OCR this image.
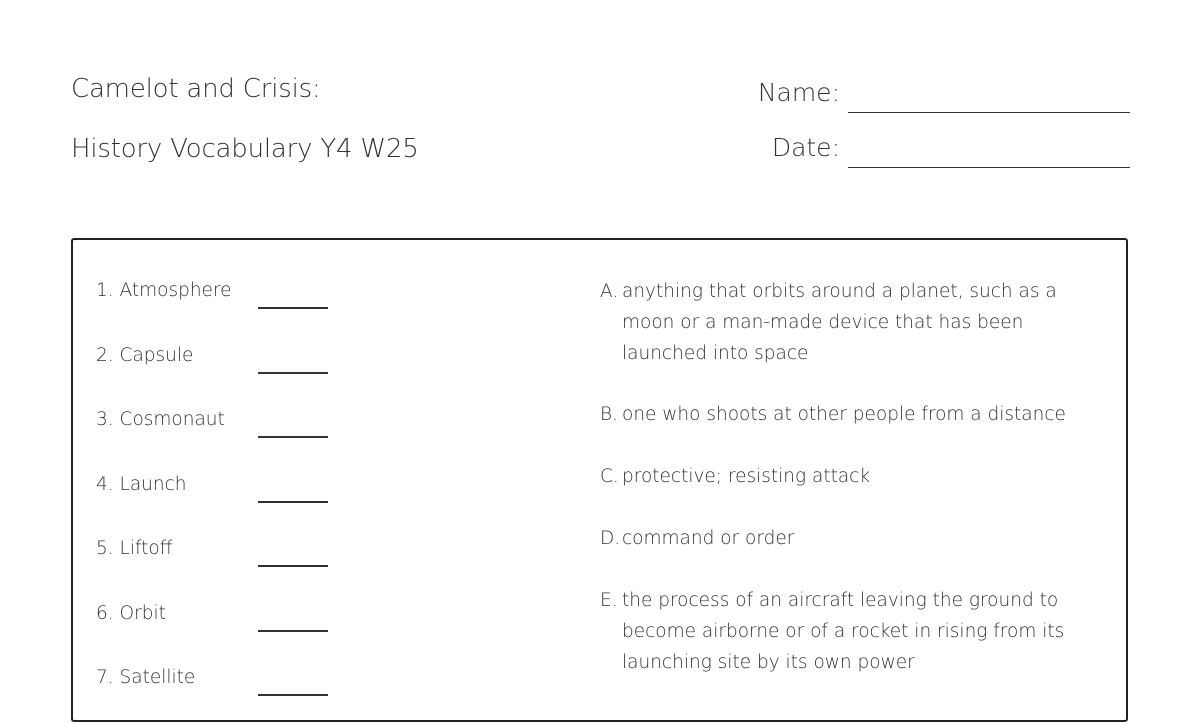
Camelot and Crisis:
History Vocabulary Y4 W25
Name:
Date:
1. Atmosphere
2. Capsule
3. Cosmonaut
4. Launch
5. Liftoff
6. Orbit
7. Satellite
A. anything that orbits around a planet, such as a moon or a man-made device that has been launched into space
B. one who shoots at other people from a distance
C. protective; resisting attack
D. command or order
E. the process of an aircraft leaving the ground to become airborne or of a rocket in rising from its launching site by its own power
